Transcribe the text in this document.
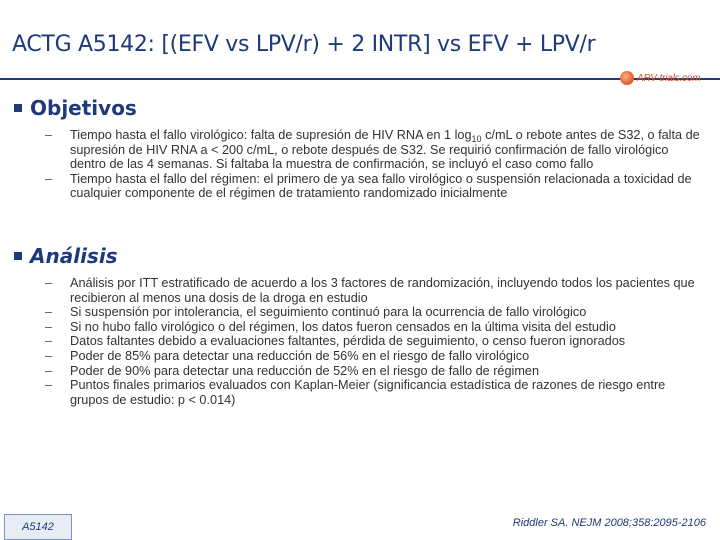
ACTG A5142: [(EFV vs LPV/r) + 2 INTR] vs EFV + LPV/r
ARV-trials.com
Objetivos
– Tiempo hasta el fallo virológico: falta de supresión de HIV RNA en 1 $\log_{10} c/mL$ o rebote antes de S32, o falta de supresión de HIV RNA a < 200 c/mL, o rebote después de S32. Se requirió confirmación de fallo virológico dentro de las 4 semanas. Si faltaba la muestra de confirmación, se incluyó el caso como fallo
– Tiempo hasta el fallo del régimen: el primero de ya sea fallo virológico o suspensión relacionada a toxicidad de cualquier componente de el régimen de tratamiento randomizado inicialmente
Análisis
– Análisis por ITT estratificado de acuerdo a los 3 factores de randomización, incluyendo todos los pacientes que recibieron al menos una dosis de la droga en estudio
– Si suspensión por intolerancia, el seguimiento continuó para la ocurrencia de fallo virológico
– Si no hubo fallo virológico o del régimen, los datos fueron censados en la última visita del estudio
– Datos faltantes debido a evaluaciones faltantes, pérdida de seguimiento, o censo fueron ignorados
– Poder de 85% para detectar una reducción de 56% en el riesgo de fallo virológico
– Poder de 90% para detectar una reducción de 52% en el riesgo de fallo de régimen
– Puntos finales primarios evaluados con Kaplan-Meier (significancia estadística de razones de riesgo entre grupos de estudio: p < 0.014)
A5142	Riddler SA. NEJM 2008;358:2095-2106
